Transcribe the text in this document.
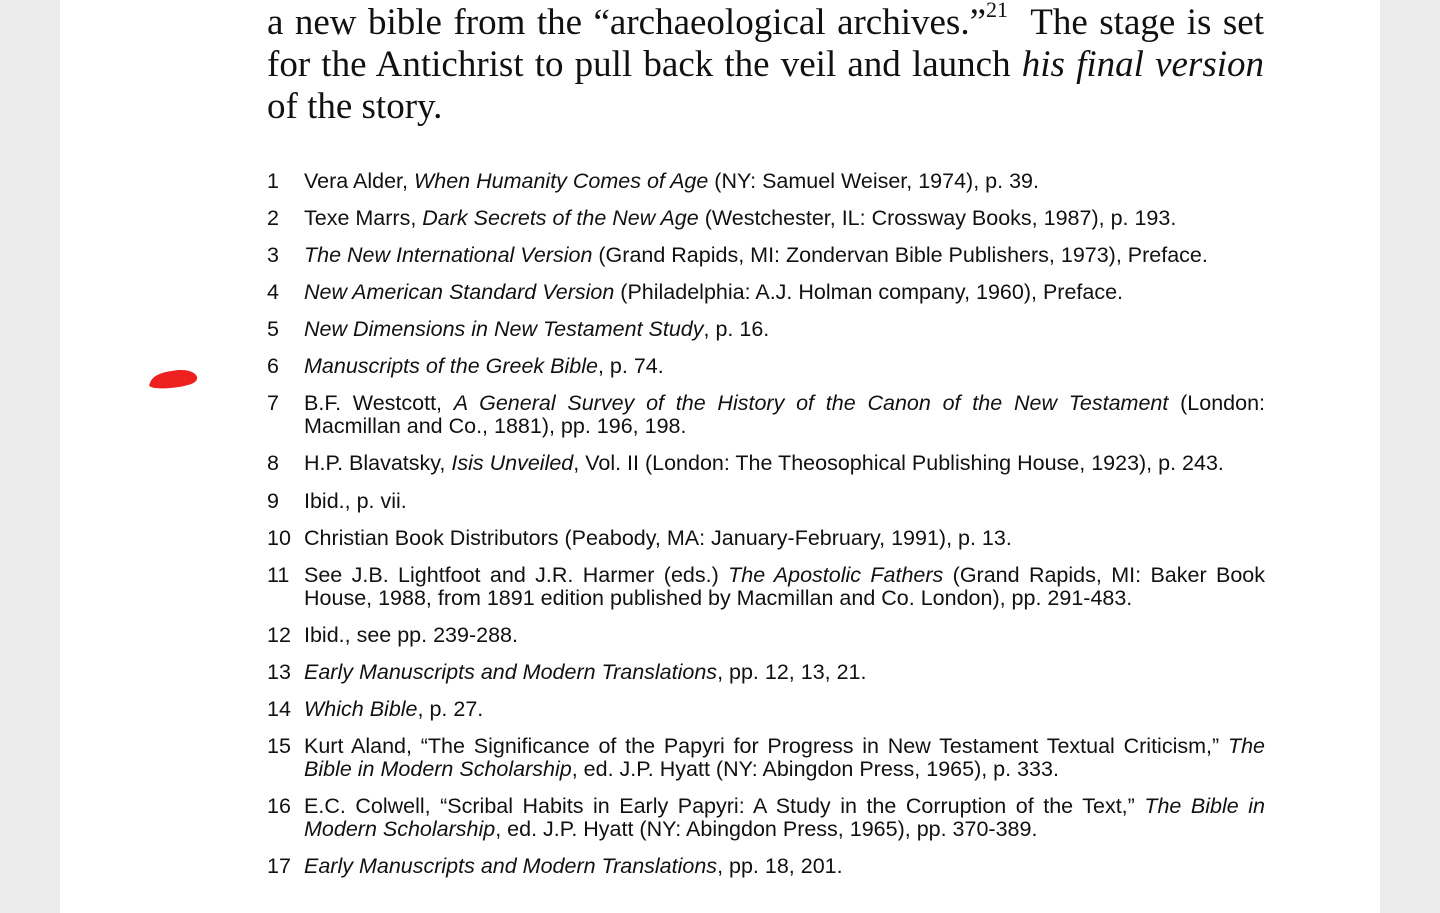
a new bible from the “archaeological archives.”$^{21}$  The stage is set
for the Antichrist to pull back the veil and launch his final version
of the story.
1	Vera Alder, When Humanity Comes of Age (NY: Samuel Weiser, 1974), p. 39.
2	Texe Marrs, Dark Secrets of the New Age (Westchester, IL: Crossway Books, 1987), p. 193.
3	The New International Version (Grand Rapids, MI: Zondervan Bible Publishers, 1973), Preface.
4	New American Standard Version (Philadelphia: A.J. Holman company, 1960), Preface.
5	New Dimensions in New Testament Study, p. 16.
6	Manuscripts of the Greek Bible, p. 74.
7	B.F. Westcott, A General Survey of the History of the Canon of the New Testament (London: Macmillan and Co., 1881), pp. 196, 198.
8	H.P. Blavatsky, Isis Unveiled, Vol. II (London: The Theosophical Publishing House, 1923), p. 243.
9	Ibid., p. vii.
10 Christian Book Distributors (Peabody, MA: January-February, 1991), p. 13.
11 See J.B. Lightfoot and J.R. Harmer (eds.) The Apostolic Fathers (Grand Rapids, MI: Baker Book House, 1988, from 1891 edition published by Macmillan and Co. London), pp. 291-483.
12 Ibid., see pp. 239-288.
13 Early Manuscripts and Modern Translations, pp. 12, 13, 21.
14 Which Bible, p. 27.
15 Kurt Aland, “The Significance of the Papyri for Progress in New Testament Textual Criticism,” The Bible in Modern Scholarship, ed. J.P. Hyatt (NY: Abingdon Press, 1965), p. 333.
16 E.C. Colwell, “Scribal Habits in Early Papyri: A Study in the Corruption of the Text,” The Bible in Modern Scholarship, ed. J.P. Hyatt (NY: Abingdon Press, 1965), pp. 370-389.
17 Early Manuscripts and Modern Translations, pp. 18, 201.
